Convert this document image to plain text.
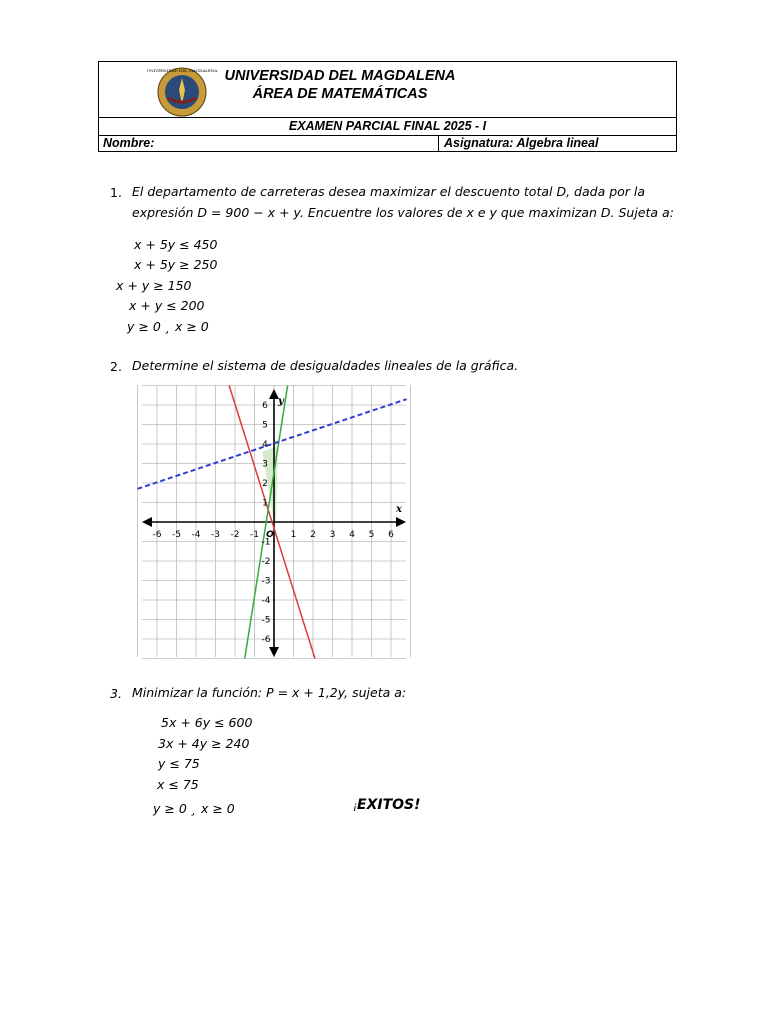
EXAMEN PARCIAL FINAL 2025 - I
Nombre:	Asignatura: Algebra lineal
UNIVERSIDAD DEL MAGDALENA UNIVERSIDAD DEL MAGDALENA
ÁREA DE MATEMÁTICAS
1. El departamento de carreteras desea maximizar el descuento total D, dada por la
expresión D = 900 − x + y. Encuentre los valores de x e y que maximizan D. Sujeta a:
x + 5y ≤ 450
x + 5y ≥ 250
x + y ≥ 150
x + y ≤ 200
y ≥ 0 ¸ x ≥ 0
2. Determine el sistema de desigualdades lineales de la gráfica.
-6 -5 -4 -3 -2 -1 O 1 2 3 4 5 6
6
5
4
3
2
1
-1
-2
-3
-4
-5
-6
x
y
3. Minimizar la función: P = x + 1,2y, sujeta a:
5x + 6y ≤ 600
3x + 4y ≥ 240
y ≤ 75
x ≤ 75
y ≥ 0 ¸ x ≥ 0	¡EXITOS!
